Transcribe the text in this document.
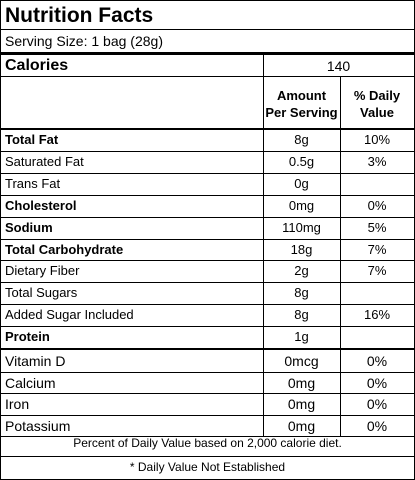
Nutrition Facts
Serving Size: 1 bag (28g)
Calories	140
Amount
Per Serving
% Daily
Value
Total Fat	8g	10%
Saturated Fat	0.5g	3%
Trans Fat	0g
Cholesterol	0mg	0%
Sodium	110mg	5%
Total Carbohydrate	18g	7%
Dietary Fiber	2g	7%
Total Sugars	8g
Added Sugar Included	8g	16%
Protein	1g
Vitamin D	0mcg	0%
Calcium	0mg	0%
Iron	0mg	0%
Potassium	0mg	0%
Percent of Daily Value based on 2,000 calorie diet.
* Daily Value Not Established
